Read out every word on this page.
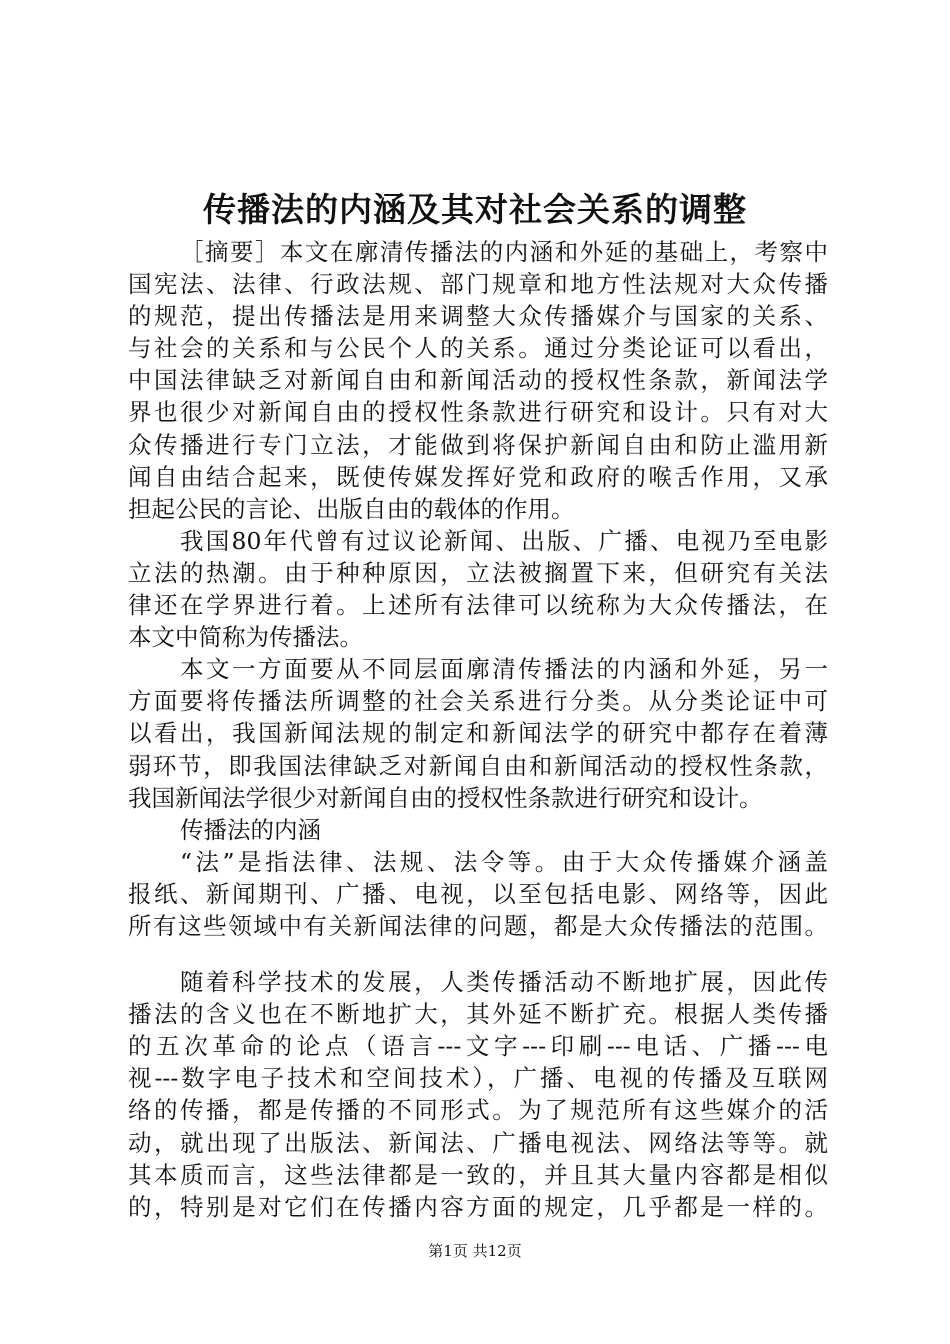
传播法的内涵及其对社会关系的调整
［摘要］本文在廓清传播法的内涵和外延的基础上，考察中
国宪法、法律、行政法规、部门规章和地方性法规对大众传播
的规范，提出传播法是用来调整大众传播媒介与国家的关系、
与社会的关系和与公民个人的关系。通过分类论证可以看出，
中国法律缺乏对新闻自由和新闻活动的授权性条款，新闻法学
界也很少对新闻自由的授权性条款进行研究和设计。只有对大
众传播进行专门立法，才能做到将保护新闻自由和防止滥用新
闻自由结合起来，既使传媒发挥好党和政府的喉舌作用，又承
担起公民的言论、出版自由的载体的作用。
我国80年代曾有过议论新闻、出版、广播、电视乃至电影
立法的热潮。由于种种原因，立法被搁置下来，但研究有关法
律还在学界进行着。上述所有法律可以统称为大众传播法，在
本文中简称为传播法。
本文一方面要从不同层面廓清传播法的内涵和外延，另一
方面要将传播法所调整的社会关系进行分类。从分类论证中可
以看出，我国新闻法规的制定和新闻法学的研究中都存在着薄
弱环节，即我国法律缺乏对新闻自由和新闻活动的授权性条款，
我国新闻法学很少对新闻自由的授权性条款进行研究和设计。
传播法的内涵
“法”是指法律、法规、法令等。由于大众传播媒介涵盖
报纸、新闻期刊、广播、电视，以至包括电影、网络等，因此
所有这些领域中有关新闻法律的问题，都是大众传播法的范围。
随着科学技术的发展，人类传播活动不断地扩展，因此传
播法的含义也在不断地扩大，其外延不断扩充。根据人类传播
的五次革命的论点（语言---文字---印刷---电话、广播---电
视---数字电子技术和空间技术），广播、电视的传播及互联网
络的传播，都是传播的不同形式。为了规范所有这些媒介的活
动，就出现了出版法、新闻法、广播电视法、网络法等等。就
其本质而言，这些法律都是一致的，并且其大量内容都是相似
的，特别是对它们在传播内容方面的规定，几乎都是一样的。
第1页 共12页
